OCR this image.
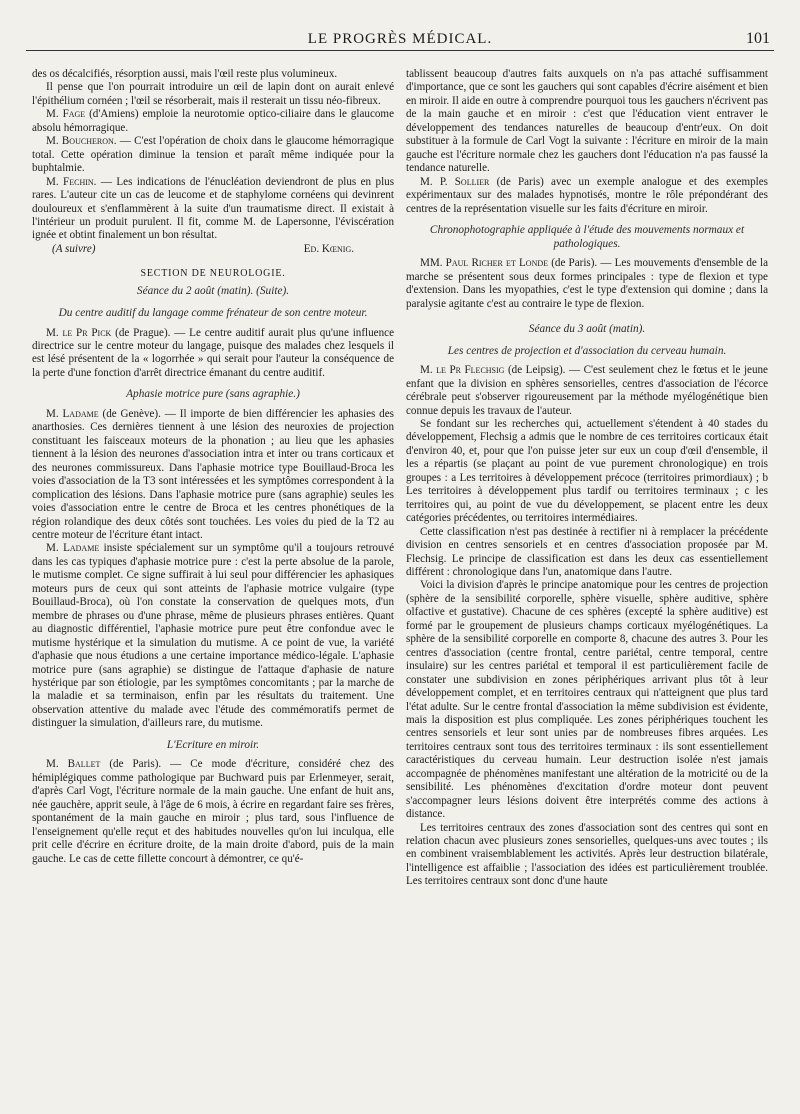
LE PROGRÈS MÉDICAL.	101

des os décalcifiés, résorption aussi, mais l'œil reste plus volumineux.

Il pense que l'on pourrait introduire un œil de lapin dont on aurait enlevé l'épithélium cornéen ; l'œil se résorberait, mais il resterait un tissu néo-fibreux.

M. Fage (d'Amiens) emploie la neurotomie optico-ciliaire dans le glaucome absolu hémorragique.

M. Boucheron. — C'est l'opération de choix dans le glaucome hémorragique total. Cette opération diminue la tension et paraît même indiquée pour la buphtalmie.

M. Fechin. — Les indications de l'énucléation deviendront de plus en plus rares. L'auteur cite un cas de leucome et de staphylome cornéens qui devinrent douloureux et s'enflammèrent à la suite d'un traumatisme direct. Il existait à l'intérieur un produit purulent. Il fit, comme M. de Lapersonne, l'éviscération ignée et obtint finalement un bon résultat.

(A suivre)	Ed. Kœnig.
SECTION DE NEUROLOGIE.
Séance du 2 août (matin). (Suite).
Du centre auditif du langage comme frénateur de son centre moteur.

M. le Pr Pick (de Prague). — Le centre auditif aurait plus qu'une influence directrice sur le centre moteur du langage, puisque des malades chez lesquels il est lésé présentent de la « logorrhée » qui serait pour l'auteur la conséquence de la perte d'une fonction d'arrêt directrice émanant du centre auditif.

Aphasie motrice pure (sans agraphie.)

M. Ladame (de Genève). — Il importe de bien différencier les aphasies des anarthosies. Ces dernières tiennent à une lésion des neuroxies de projection constituant les faisceaux moteurs de la phonation ; au lieu que les aphasies tiennent à la lésion des neurones d'association intra et inter ou trans corticaux et des neurones commissureux. Dans l'aphasie motrice type Bouillaud-Broca les voies d'association de la T3 sont intéressées et les symptômes correspondent à la complication des lésions. Dans l'aphasie motrice pure (sans agraphie) seules les voies d'association entre le centre de Broca et les centres phonétiques de la région rolandique des deux côtés sont touchées. Les voies du pied de la T2 au centre moteur de l'écriture étant intact.

M. Ladame insiste spécialement sur un symptôme qu'il a toujours retrouvé dans les cas typiques d'aphasie motrice pure : c'est la perte absolue de la parole, le mutisme complet. Ce signe suffirait à lui seul pour différencier les aphasiques moteurs purs de ceux qui sont atteints de l'aphasie motrice vulgaire (type Bouillaud-Broca), où l'on constate la conservation de quelques mots, d'un membre de phrases ou d'une phrase, même de plusieurs phrases entières. Quant au diagnostic différentiel, l'aphasie motrice pure peut être confondue avec le mutisme hystérique et la simulation du mutisme. A ce point de vue, la variété d'aphasie que nous étudions a une certaine importance médico-légale. L'aphasie motrice pure (sans agraphie) se distingue de l'attaque d'aphasie de nature hystérique par son étiologie, par les symptômes concomitants ; par la marche de la maladie et sa terminaison, enfin par les résultats du traitement. Une observation attentive du malade avec l'étude des commémoratifs permet de distinguer la simulation, d'ailleurs rare, du mutisme.

L'Ecriture en miroir.

M. Ballet (de Paris). — Ce mode d'écriture, considéré chez des hémiplégiques comme pathologique par Buchward puis par Erlenmeyer, serait, d'après Carl Vogt, l'écriture normale de la main gauche. Une enfant de huit ans, née gauchère, apprit seule, à l'âge de 6 mois, à écrire en regardant faire ses frères, spontanément de la main gauche en miroir ; plus tard, sous l'influence de l'enseignement qu'elle reçut et des habitudes nouvelles qu'on lui inculqua, elle prit celle d'écrire en écriture droite, de la main droite d'abord, puis de la main gauche. Le cas de cette fillette concourt à démontrer, ce qu'é-

tablissent beaucoup d'autres faits auxquels on n'a pas attaché suffisamment d'importance, que ce sont les gauchers qui sont capables d'écrire aisément et bien en miroir. Il aide en outre à comprendre pourquoi tous les gauchers n'écrivent pas de la main gauche et en miroir : c'est que l'éducation vient entraver le développement des tendances naturelles de beaucoup d'entr'eux. On doit substituer à la formule de Carl Vogt la suivante : l'écriture en miroir de la main gauche est l'écriture normale chez les gauchers dont l'éducation n'a pas faussé la tendance naturelle.

M. P. Sollier (de Paris) avec un exemple analogue et des exemples expérimentaux sur des malades hypnotisés, montre le rôle prépondérant des centres de la représentation visuelle sur les faits d'écriture en miroir.

Chronophotographie appliquée à l'étude des mouvements normaux et pathologiques.

MM. Paul Richer et Londe (de Paris). — Les mouvements d'ensemble de la marche se présentent sous deux formes principales : type de flexion et type d'extension. Dans les myopathies, c'est le type d'extension qui domine ; dans la paralysie agitante c'est au contraire le type de flexion.

Séance du 3 août (matin).
Les centres de projection et d'association du cerveau humain.

M. le Pr Flechsig (de Leipsig). — C'est seulement chez le fœtus et le jeune enfant que la division en sphères sensorielles, centres d'association de l'écorce cérébrale peut s'observer rigoureusement par la méthode myélogénétique bien connue depuis les travaux de l'auteur.

Se fondant sur les recherches qui, actuellement s'étendent à 40 stades du développement, Flechsig a admis que le nombre de ces territoires corticaux était d'environ 40, et, pour que l'on puisse jeter sur eux un coup d'œil d'ensemble, il les a répartis (se plaçant au point de vue purement chronologique) en trois groupes : a Les territoires à développement précoce (territoires primordiaux) ; b Les territoires à développement plus tardif ou territoires terminaux ; c les territoires qui, au point de vue du développement, se placent entre les deux catégories précédentes, ou territoires intermédiaires.

Cette classification n'est pas destinée à rectifier ni à remplacer la précédente division en centres sensoriels et en centres d'association proposée par M. Flechsig. Le principe de classification est dans les deux cas essentiellement différent : chronologique dans l'un, anatomique dans l'autre.

Voici la division d'après le principe anatomique pour les centres de projection (sphère de la sensibilité corporelle, sphère visuelle, sphère auditive, sphère olfactive et gustative). Chacune de ces sphères (excepté la sphère auditive) est formé par le groupement de plusieurs champs corticaux myélogénétiques. La sphère de la sensibilité corporelle en comporte 8, chacune des autres 3. Pour les centres d'association (centre frontal, centre pariétal, centre temporal, centre insulaire) sur les centres pariétal et temporal il est particulièrement facile de constater une subdivision en zones périphériques arrivant plus tôt à leur développement complet, et en territoires centraux qui n'atteignent que plus tard l'état adulte. Sur le centre frontal d'association la même subdivision est évidente, mais la disposition est plus compliquée. Les zones périphériques touchent les centres sensoriels et leur sont unies par de nombreuses fibres arquées. Les territoires centraux sont tous des territoires terminaux : ils sont essentiellement caractéristiques du cerveau humain. Leur destruction isolée n'est jamais accompagnée de phénomènes manifestant une altération de la motricité ou de la sensibilité. Les phénomènes d'excitation d'ordre moteur dont peuvent s'accompagner leurs lésions doivent être interprétés comme des actions à distance.

Les territoires centraux des zones d'association sont des centres qui sont en relation chacun avec plusieurs zones sensorielles, quelques-uns avec toutes ; ils en combinent vraisemblablement les activités. Après leur destruction bilatérale, l'intelligence est affaiblie ; l'association des idées est particulièrement troublée. Les territoires centraux sont donc d'une haute
